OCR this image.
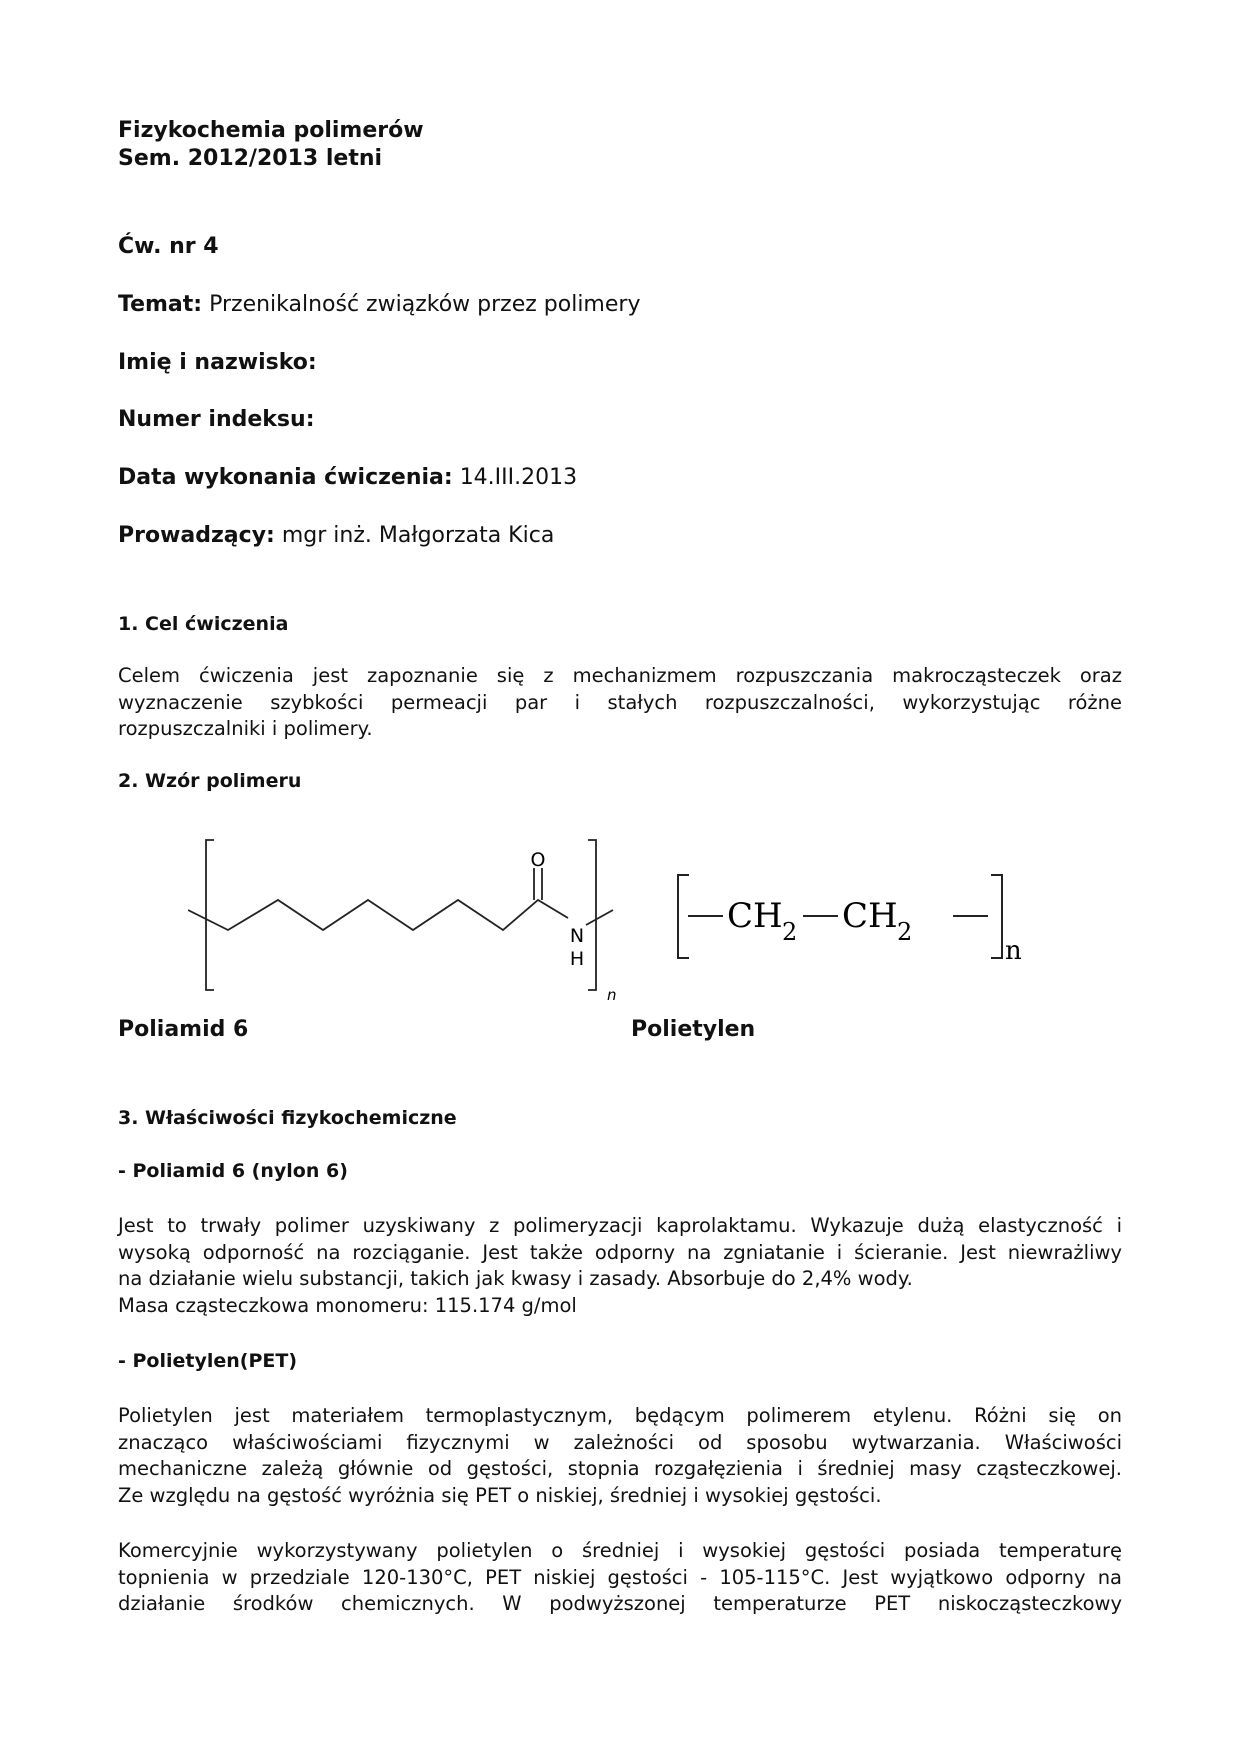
Fizykochemia polimerów
Sem. 2012/2013 letni
Ćw. nr 4
Temat: Przenikalność związków przez polimery
Imię i nazwisko:
Numer indeksu:
Data wykonania ćwiczenia: 14.III.2013
Prowadzący: mgr inż. Małgorzata Kica
1. Cel ćwiczenia
Celem ćwiczenia jest zapoznanie się z mechanizmem rozpuszczania makrocząsteczek oraz
wyznaczenie szybkości permeacji par i stałych rozpuszczalności, wykorzystując różne
rozpuszczalniki i polimery.
2. Wzór polimeru
O
N
H
n
CH 2 CH 2
n
Poliamid 6	Polietylen
3. Właściwości fizykochemiczne
- Poliamid 6 (nylon 6)
Jest to trwały polimer uzyskiwany z polimeryzacji kaprolaktamu. Wykazuje dużą elastyczność i
wysoką odporność na rozciąganie. Jest także odporny na zgniatanie i ścieranie. Jest niewrażliwy
na działanie wielu substancji, takich jak kwasy i zasady. Absorbuje do 2,4% wody.
Masa cząsteczkowa monomeru: 115.174 g/mol
- Polietylen(PET)
Polietylen jest materiałem termoplastycznym, będącym polimerem etylenu. Różni się on
znacząco właściwościami fizycznymi w zależności od sposobu wytwarzania. Właściwości
mechaniczne zależą głównie od gęstości, stopnia rozgałęzienia i średniej masy cząsteczkowej.
Ze względu na gęstość wyróżnia się PET o niskiej, średniej i wysokiej gęstości.
Komercyjnie wykorzystywany polietylen o średniej i wysokiej gęstości posiada temperaturę
topnienia w przedziale 120-130°C, PET niskiej gęstości - 105-115°C. Jest wyjątkowo odporny na
działanie środków chemicznych. W podwyższonej temperaturze PET niskocząsteczkowy
